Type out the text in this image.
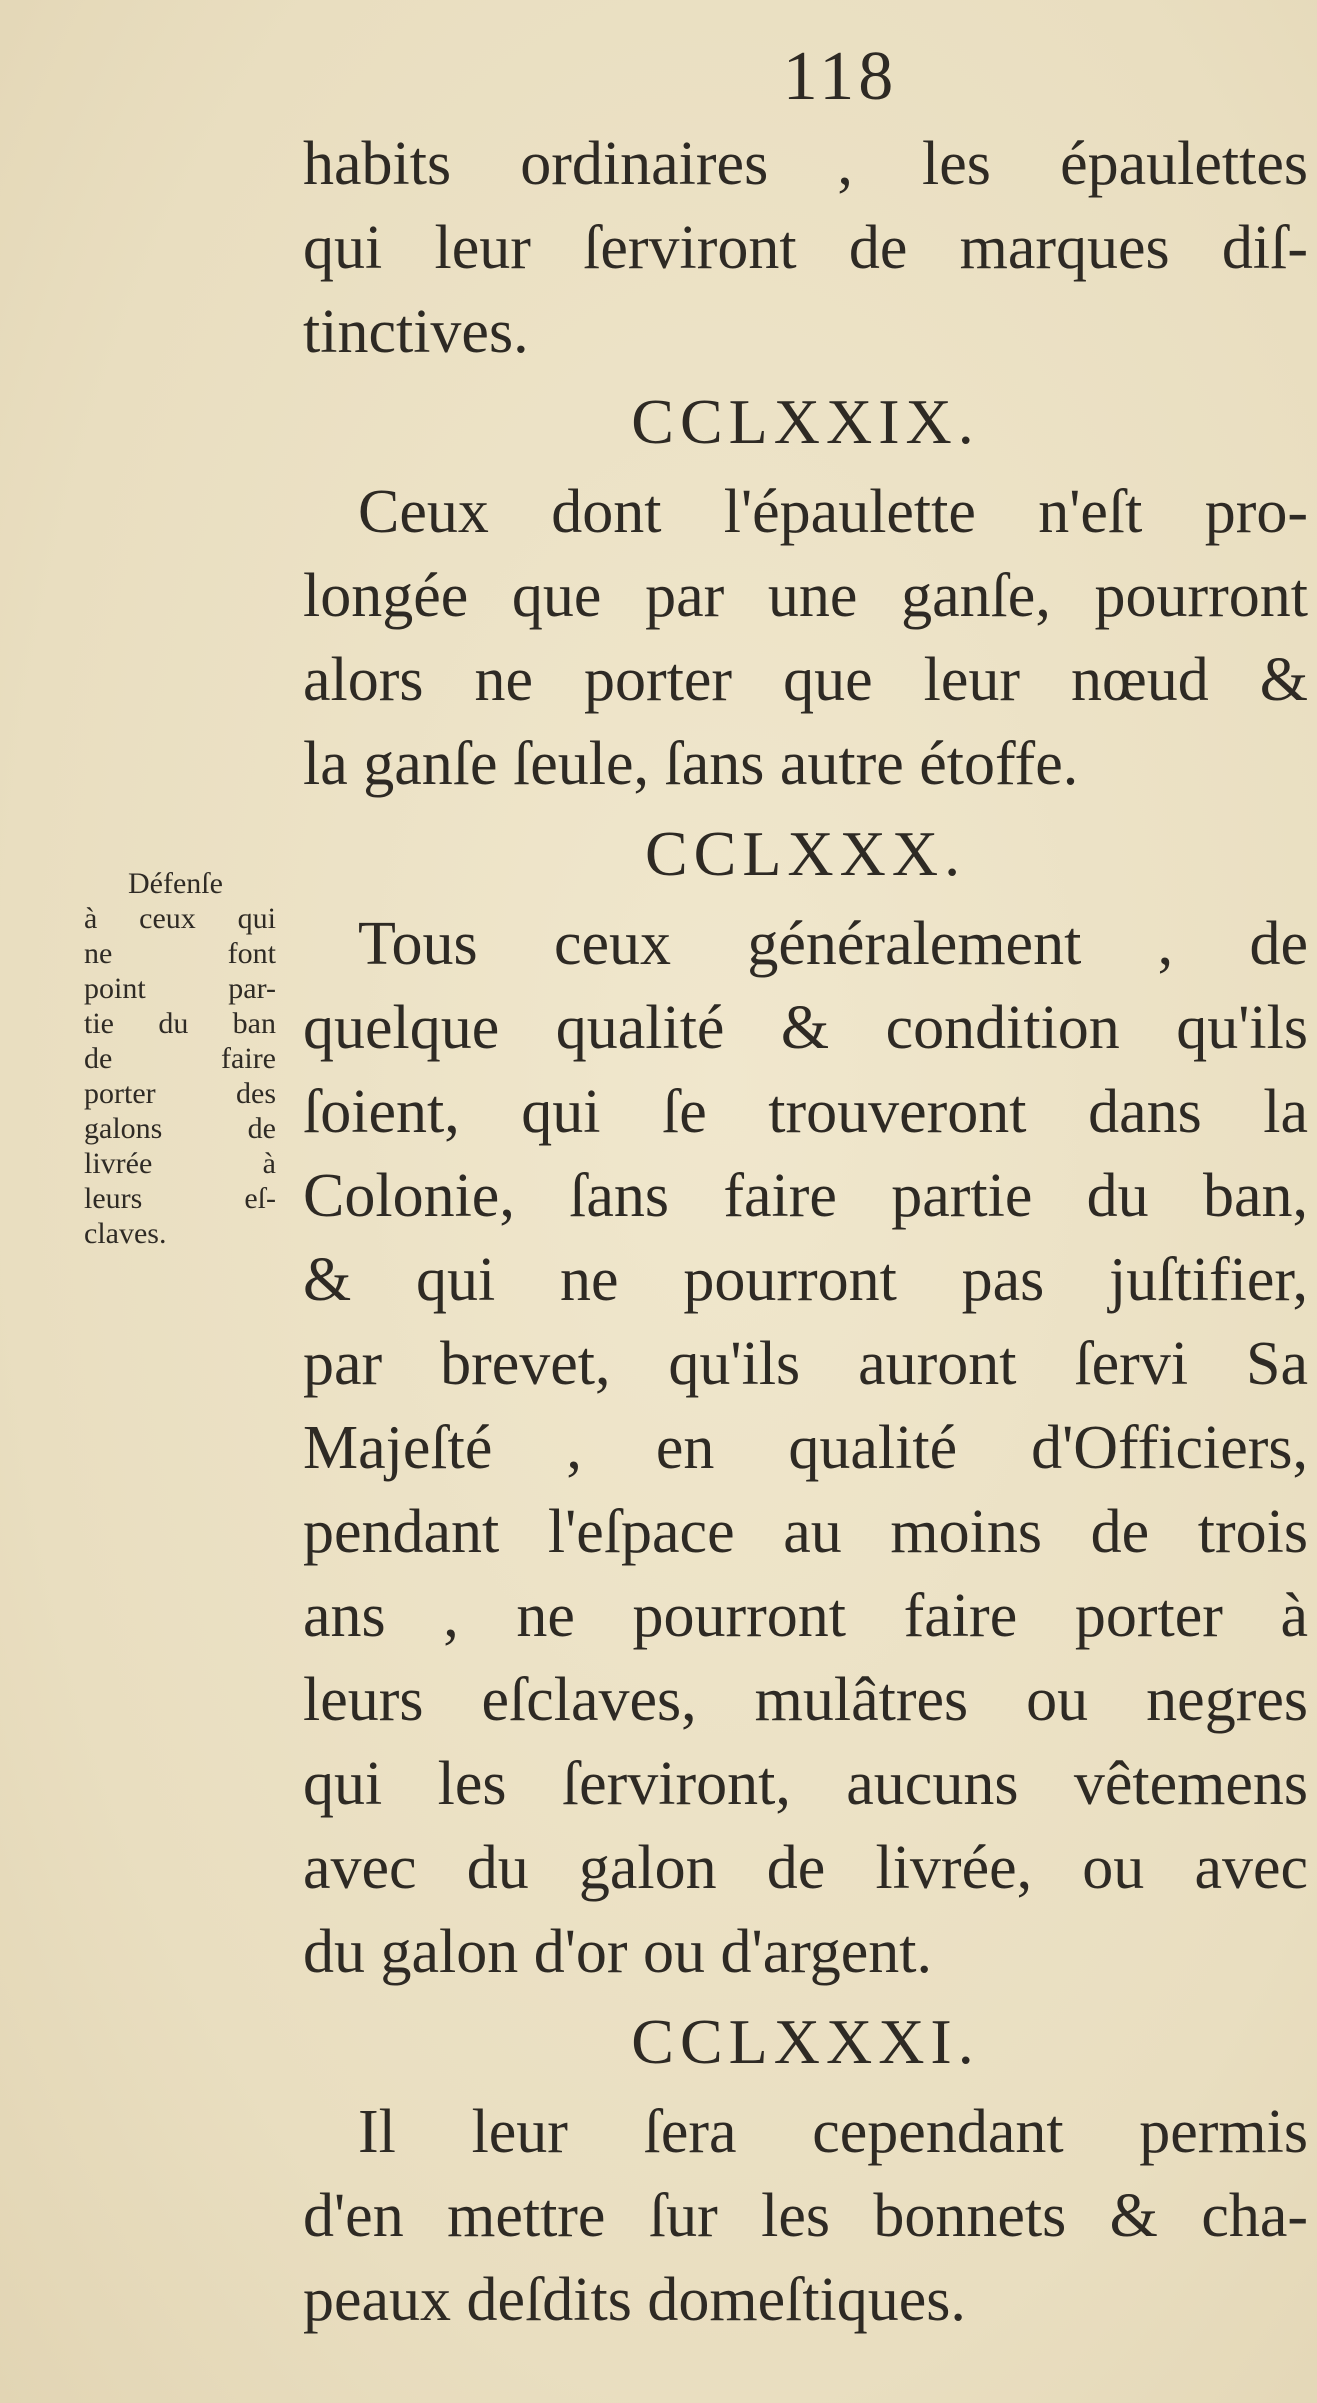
118
habits ordinaires , les épaulettes
qui leur ſerviront de marques diſ-
tinctives.
CCLXXIX.
Ceux dont l'épaulette n'eſt pro-
longée que par une ganſe, pourront
alors ne porter que leur nœud &
la ganſe ſeule, ſans autre étoffe.
CCLXXX.
Tous ceux généralement , de
quelque qualité & condition qu'ils
ſoient, qui ſe trouveront dans la
Colonie, ſans faire partie du ban,
& qui ne pourront pas juſtifier,
par brevet, qu'ils auront ſervi Sa
Majeſté , en qualité d'Officiers,
pendant l'eſpace au moins de trois
ans , ne pourront faire porter à
leurs eſclaves, mulâtres ou negres
qui les ſerviront, aucuns vêtemens
avec du galon de livrée, ou avec
du galon d'or ou d'argent.
CCLXXXI.
Il leur ſera cependant permis
d'en mettre ſur les bonnets & cha-
peaux deſdits domeſtiques.
Défenſe
à ceux qui
ne font
point par-
tie du ban
de faire
porter des
galons de
livrée à
leurs eſ-
claves.
